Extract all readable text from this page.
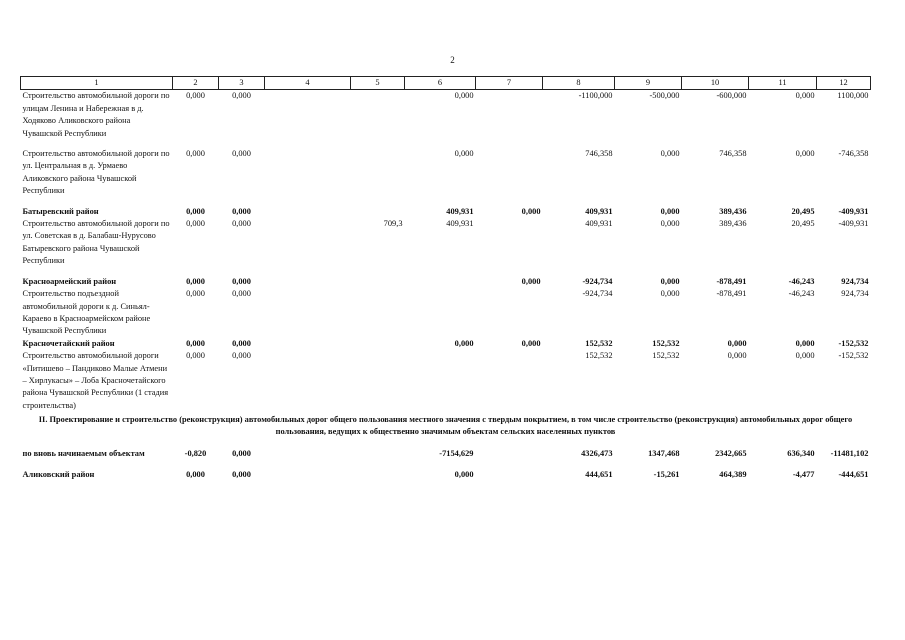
2
1	2	3	4	5	6	7	8	9	10	11	12
Строительство автомобильной дороги по улицам Ленина и Набережная в д. Ходяково Аликовского района Чувашской Республики	0,000	0,000			0,000		-1100,000	-500,000	-600,000	0,000	1100,000

Строительство автомобильной дороги по ул. Центральная в д. Урмаево Аликовского района Чувашской Республики	0,000	0,000			0,000		746,358	0,000	746,358	0,000	-746,358

Батыревский район	0,000	0,000			409,931	0,000	409,931	0,000	389,436	20,495	-409,931
Строительство автомобильной дороги по ул. Советская в д. Балабаш-Нурусово Батыревского района Чувашской Республики	0,000	0,000		709,3	409,931		409,931	0,000	389,436	20,495	-409,931

Красноармейский район	0,000	0,000				0,000	-924,734	0,000	-878,491	-46,243	924,734
Строительство подъездной автомобильной дороги к д. Синьял-Караево в Красноармейском районе Чувашской Республики	0,000	0,000					-924,734	0,000	-878,491	-46,243	924,734
Красночетайский район	0,000	0,000			0,000	0,000	152,532	152,532	0,000	0,000	-152,532
Строительство автомобильной дороги «Питишево – Пандиково Малые Атмени – Хирлукасы» – Лоба Красночетайского района Чувашской Республики (1 стадия строительства)	0,000	0,000					152,532	152,532	0,000	0,000	-152,532
II. Проектирование и строительство (реконструкция) автомобильных дорог общего пользования местного значения с твердым покрытием, в том числе строительство (реконструкция) автомобильных дорог общего пользования, ведущих к общественно значимым объектам сельских населенных пунктов											

по вновь начинаемым объектам	-0,820	0,000			-7154,629		4326,473	1347,468	2342,665	636,340	-11481,102

Аликовский район	0,000	0,000			0,000		444,651	-15,261	464,389	-4,477	-444,651
